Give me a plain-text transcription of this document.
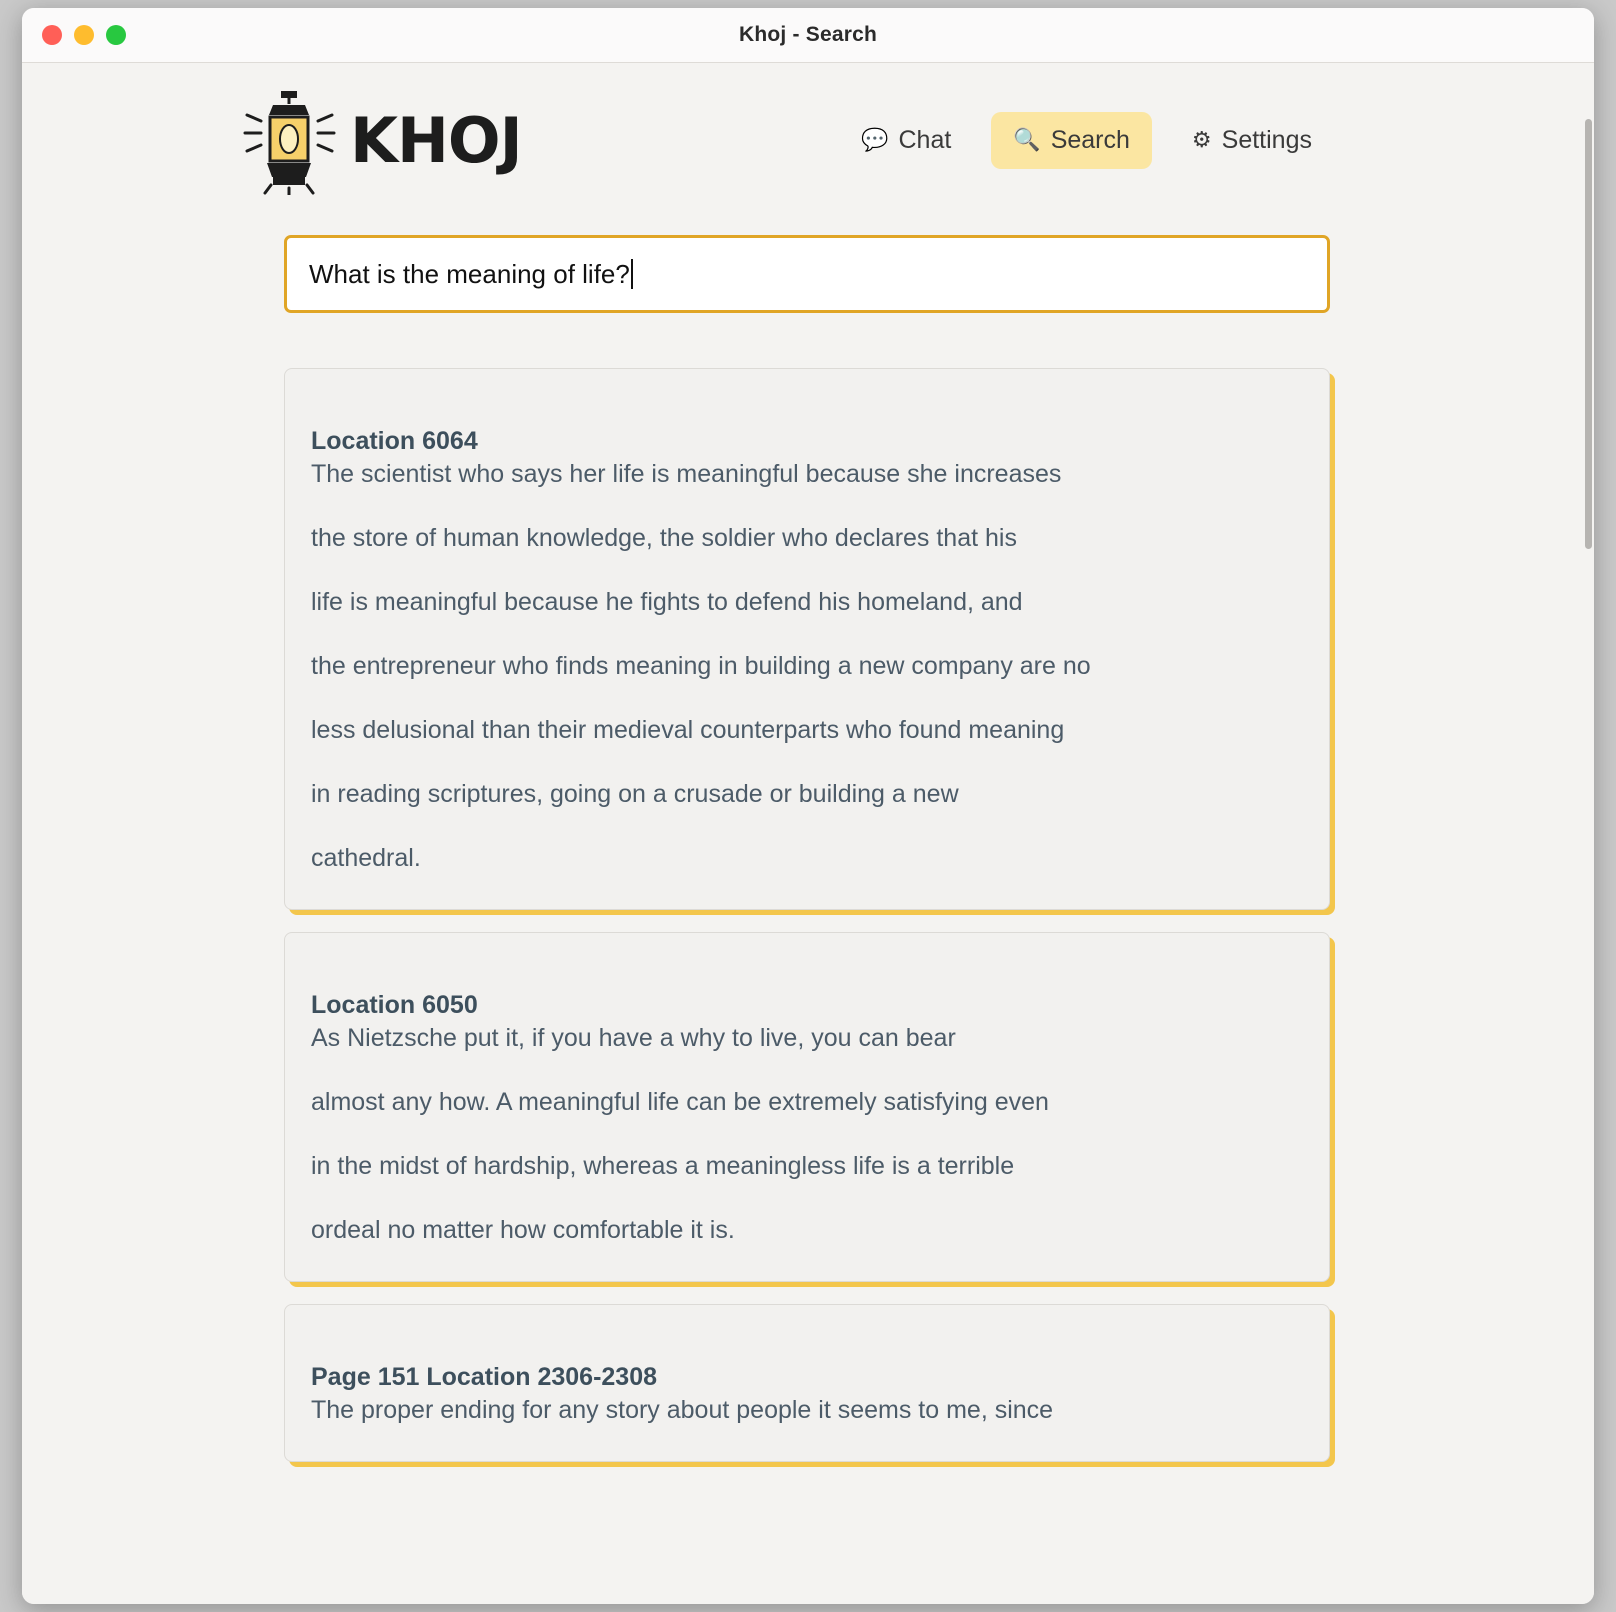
Khoj - Search
KHOJ	💬 Chat	🔍 Search	⚙ Settings
What is the meaning of life?
Location 6064

The scientist who says her life is meaningful because she increases

the store of human knowledge, the soldier who declares that his

life is meaningful because he fights to defend his homeland, and

the entrepreneur who finds meaning in building a new company are no

less delusional than their medieval counterparts who found meaning

in reading scriptures, going on a crusade or building a new

cathedral.

Location 6050

As Nietzsche put it, if you have a why to live, you can bear

almost any how. A meaningful life can be extremely satisfying even

in the midst of hardship, whereas a meaningless life is a terrible

ordeal no matter how comfortable it is.

Page 151 Location 2306-2308

The proper ending for any story about people it seems to me, since
